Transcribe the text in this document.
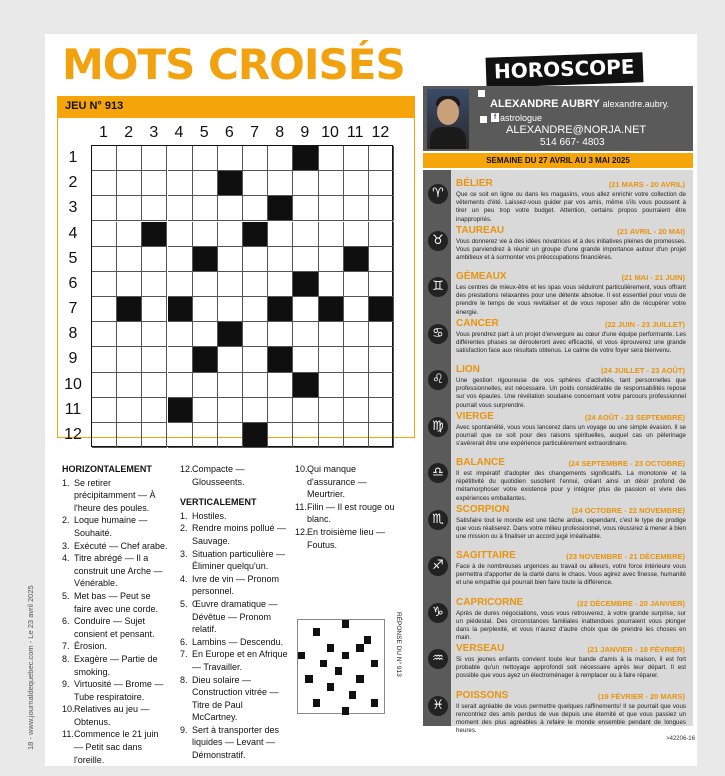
18 - www.journaldequebec.com - Le 23 avril 2025
MOTS CROISÉS
JEU N° 913
1	2	3	4	5	6	7	8	9 10 11 12
1
2
3
4
5
6
7
8
9
10
11
12
HORIZONTALEMENT
1. Se retirer précipitamment — À l'heure des poules.
2. Loque humaine — Souhaité.
3. Exécuté — Chef arabe.
4. Titre abrégé — Il a construit une Arche — Vénérable.
5. Met bas — Peut se faire avec une corde.
6. Conduire — Sujet consient et pensant.
7. Érosion.
8. Exagère — Partie de smoking.
9. Virtuosité — Brome — Tube respiratoire.
10. Relatives au jeu — Obtenus.
11. Commence le 21 juin — Petit sac dans l'oreille.
12. Compacte — Glousseents.
VERTICALEMENT
1. Hostiles.
2. Rendre moins pollué — Sauvage.
3. Situation particulière — Éliminer quelqu'un.
4. Ivre de vin — Pronom personnel.
5. Œuvre dramatique — Dévêtue — Pronom relatif.
6. Lambins — Descendu.
7. En Europe et en Afrique — Travailler.
8. Dieu solaire — Construction vitrée — Titre de Paul McCartney.
9. Sert à transporter des liquides — Levant — Démonstratif.
10. Qui manque d'assurance — Meurtrier.
11. Filin — Il est rouge ou blanc.
12. En troisième lieu — Foutus.
RÉPONSE DU N° 913
HOROSCOPE
ALEXANDRE AUBRY alexandre.aubry.
f astrologue
ALEXANDRE@NORJA.NET
514 667- 4803
SEMAINE DU 27 AVRIL AU 3 MAI 2025
♈
BÉLIER	(21 MARS - 20 AVRIL)
Que ce soit en ligne ou dans les magasins, vous allez enrichir votre collection de vêtements d'été. Laissez-vous guider par vos amis, même s'ils vous poussent à tirer un peu trop votre budget. Attention, certains propos pourraient être inappropriés.
♉
TAUREAU	(21 AVRIL - 20 MAI)
Vous donnerez vie à des idées novatrices et à des initiatives pleines de promesses. Vous parviendrez à réunir un groupe d'une grande importance autour d'un projet ambitieux et à surmonter vos préoccupations financières.
♊
GÉMEAUX	(21 MAI - 21 JUIN)
Les centres de mieux-être et les spas vous séduiront particulièrement, vous offrant des prestations relaxantes pour une détente absolue. Il est essentiel pour vous de prendre le temps de vous revitaliser et de vous reposer afin de récupérer votre énergie.
♋
CANCER	(22 JUIN - 23 JUILLET)
Vous prendrez part à un projet d'envergure au cœur d'une équipe performante. Les différentes phases se dérouleront avec efficacité, et vous éprouverez une grande satisfaction face aux résultats obtenus. Le calme de votre foyer sera bienvenu.
♌
LION	(24 JUILLET - 23 AOÛT)
Une gestion rigoureuse de vos sphères d'activités, tant personnelles que professionnelles, est nécessaire. Un poids considérable de responsabilités repose sur vos épaules. Une révélation soudaine concernant votre parcours professionnel pourrait vous surprendre.
♍
VIERGE	(24 AOÛT - 23 SEPTEMBRE)
Avec spontanéité, vous vous lancerez dans un voyage ou une simple évasion. Il se pourrait que ce soit pour des raisons spirituelles, auquel cas un pèlerinage s'avérerait être une expérience particulièrement extraordinaire.
♎
BALANCE	(24 SEPTEMBRE - 23 OCTOBRE)
Il est impératif d'adopter des changements significatifs. La monotonie et la répétitivité du quotidien suscitent l'ennui, créant ainsi un désir profond de métamorphoser votre existence pour y intégrer plus de passion et vivre des expériences emballantes.
♏
SCORPION	(24 OCTOBRE - 22 NOVEMBRE)
Satisfaire tout le monde est une tâche ardue, cependant, c'est le type de prodige que vous réaliserez. Dans votre milieu professionnel, vous réussirez à mener à bien une mission ou à finaliser un accord jugé irréalisable.
♐
SAGITTAIRE	(23 NOVEMBRE - 21 DÉCEMBRE)
Face à de nombreuses urgences au travail ou ailleurs, votre force intérieure vous permettra d'apporter de la clarté dans le chaos. Vous agirez avec finesse, humanité et une empathie qui pourrait bien faire toute la différence.
♑
CAPRICORNE	(22 DÉCEMBRE - 20 JANVIER)
Après de dures négociations, vous vous retrouverez, à votre grande surprise, sur un piédestal. Des circonstances familiales inattendues pourraient vous plonger dans la perplexité, et vous n'aurez d'autre choix que de prendre les choses en main.
♒
VERSEAU	(21 JANVIER - 18 FÉVRIER)
Si vos jeunes enfants convient toute leur bande d'amis à la maison, il est fort probable qu'un nettoyage approfondi soit nécessaire après leur départ. Il est possible que vous ayez un électroménager à remplacer ou à faire réparer.
♓
POISSONS	(19 FÉVRIER - 20 MARS)
Il serait agréable de vous permettre quelques raffinements! Il se pourrait que vous rencontriez des amis perdus de vue depuis une éternité et que vous passiez un moment des plus agréables à refaire le monde ensemble pendant de longues heures.
>42206-16
